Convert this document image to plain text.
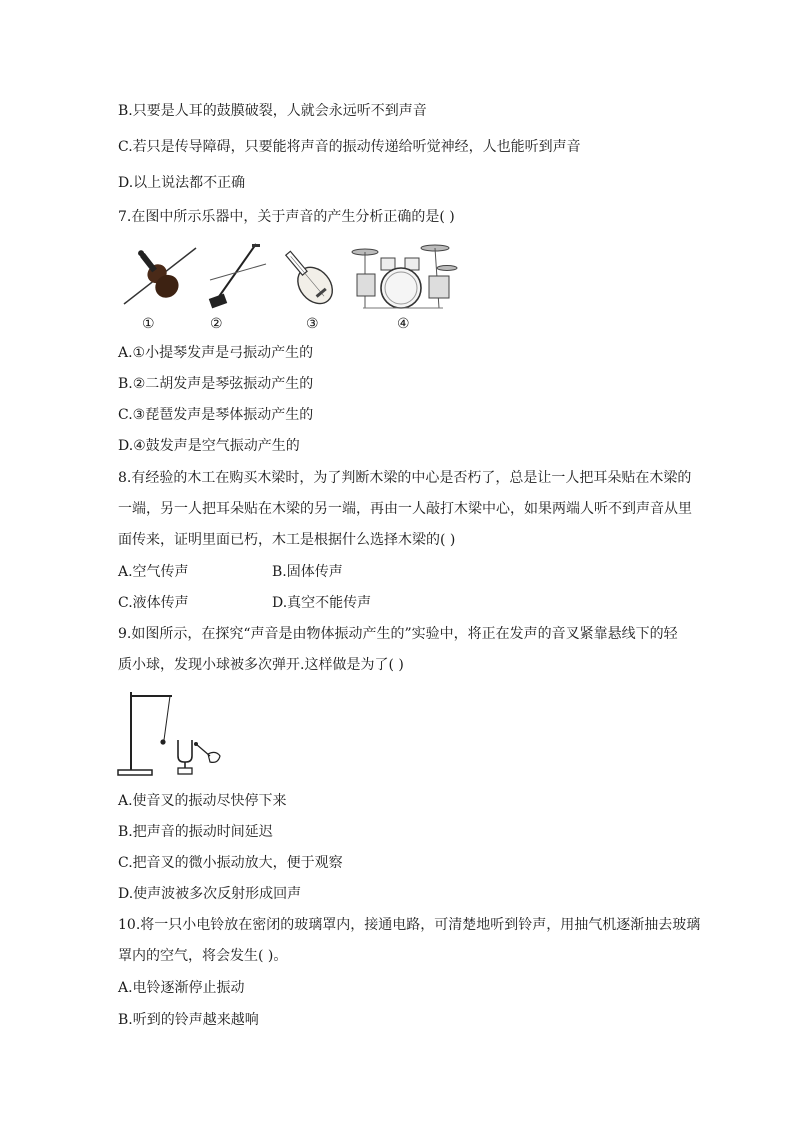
B.只要是人耳的鼓膜破裂，人就会永远听不到声音
C.若只是传导障碍，只要能将声音的振动传递给听觉神经，人也能听到声音
D.以上说法都不正确
7.在图中所示乐器中，关于声音的产生分析正确的是( )
①	②	③	④
A.①小提琴发声是弓振动产生的
B.②二胡发声是琴弦振动产生的
C.③琵琶发声是琴体振动产生的
D.④鼓发声是空气振动产生的
8.有经验的木工在购买木梁时，为了判断木梁的中心是否朽了，总是让一人把耳朵贴在木梁的
一端，另一人把耳朵贴在木梁的另一端，再由一人敲打木梁中心，如果两端人听不到声音从里
面传来，证明里面已朽，木工是根据什么选择木梁的( )
A.空气传声	B.固体传声
C.液体传声	D.真空不能传声
9.如图所示，在探究“声音是由物体振动产生的”实验中，将正在发声的音叉紧靠悬线下的轻
质小球，发现小球被多次弹开.这样做是为了( )
A.使音叉的振动尽快停下来
B.把声音的振动时间延迟
C.把音叉的微小振动放大，便于观察
D.使声波被多次反射形成回声
10.将一只小电铃放在密闭的玻璃罩内，接通电路，可清楚地听到铃声，用抽气机逐渐抽去玻璃
罩内的空气，将会发生( )。
A.电铃逐渐停止振动
B.听到的铃声越来越响
